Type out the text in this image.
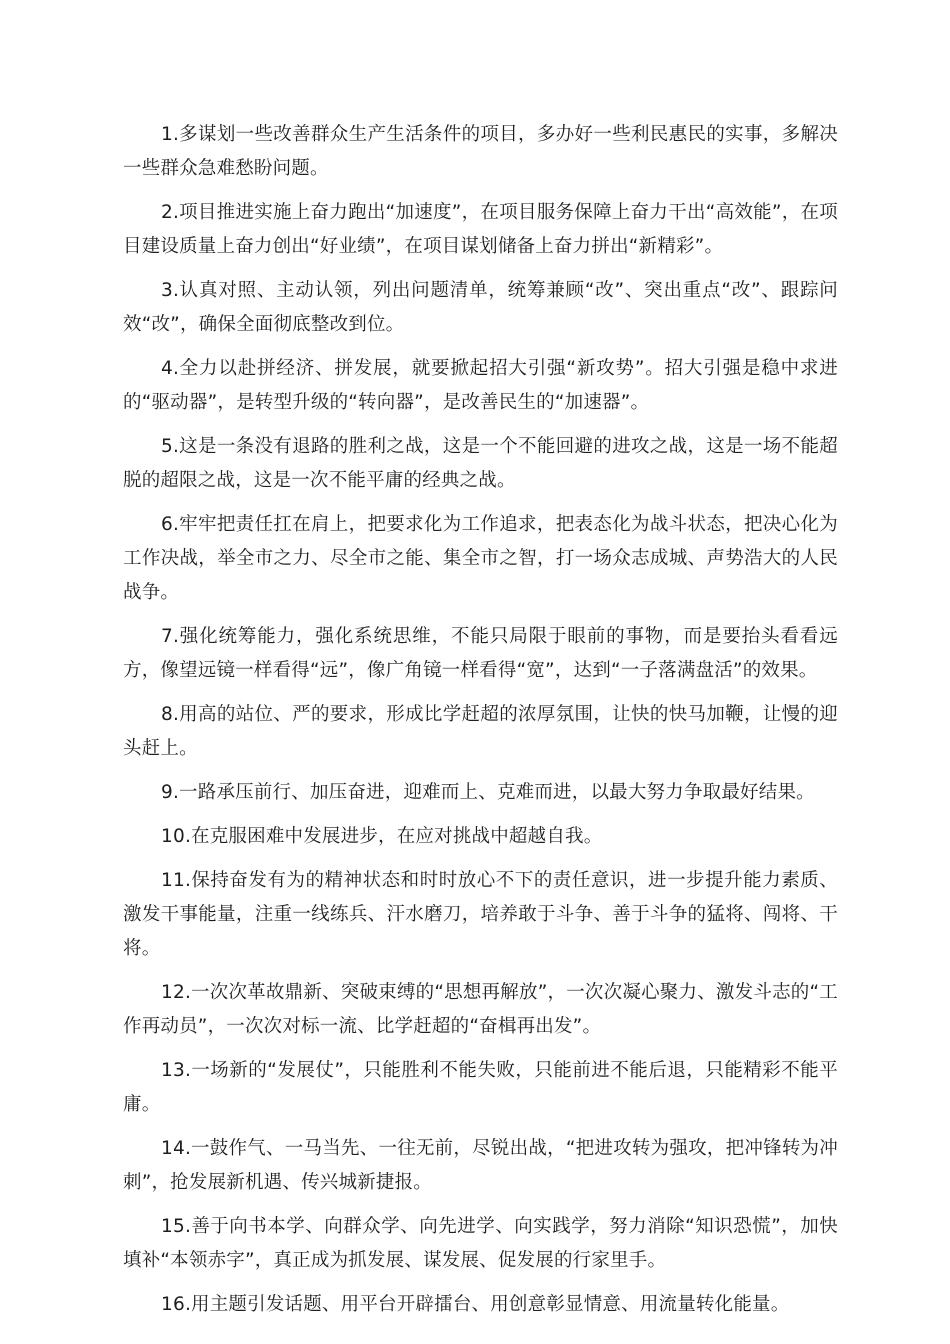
1.多谋划一些改善群众生产生活条件的项目，多办好一些利民惠民的实事，多解决一些群众急难愁盼问题。

2.项目推进实施上奋力跑出“加速度”，在项目服务保障上奋力干出“高效能”，在项目建设质量上奋力创出“好业绩”，在项目谋划储备上奋力拼出“新精彩”。

3.认真对照、主动认领，列出问题清单，统筹兼顾“改”、突出重点“改”、跟踪问效“改”，确保全面彻底整改到位。

4.全力以赴拼经济、拼发展，就要掀起招大引强“新攻势”。招大引强是稳中求进的“驱动器”，是转型升级的“转向器”，是改善民生的“加速器”。

5.这是一条没有退路的胜利之战，这是一个不能回避的进攻之战，这是一场不能超脱的超限之战，这是一次不能平庸的经典之战。

6.牢牢把责任扛在肩上，把要求化为工作追求，把表态化为战斗状态，把决心化为工作决战，举全市之力、尽全市之能、集全市之智，打一场众志成城、声势浩大的人民战争。

7.强化统筹能力，强化系统思维，不能只局限于眼前的事物，而是要抬头看看远方，像望远镜一样看得“远”，像广角镜一样看得“宽”，达到“一子落满盘活”的效果。

8.用高的站位、严的要求，形成比学赶超的浓厚氛围，让快的快马加鞭，让慢的迎头赶上。

9.一路承压前行、加压奋进，迎难而上、克难而进，以最大努力争取最好结果。

10.在克服困难中发展进步，在应对挑战中超越自我。

11.保持奋发有为的精神状态和时时放心不下的责任意识，进一步提升能力素质、激发干事能量，注重一线练兵、汗水磨刀，培养敢于斗争、善于斗争的猛将、闯将、干将。

12.一次次革故鼎新、突破束缚的“思想再解放”，一次次凝心聚力、激发斗志的“工作再动员”，一次次对标一流、比学赶超的“奋楫再出发”。

13.一场新的“发展仗”，只能胜利不能失败，只能前进不能后退，只能精彩不能平庸。

14.一鼓作气、一马当先、一往无前，尽锐出战，“把进攻转为强攻，把冲锋转为冲刺”，抢发展新机遇、传兴城新捷报。

15.善于向书本学、向群众学、向先进学、向实践学，努力消除“知识恐慌”，加快填补“本领赤字”，真正成为抓发展、谋发展、促发展的行家里手。

16.用主题引发话题、用平台开辟擂台、用创意彰显情意、用流量转化能量。
